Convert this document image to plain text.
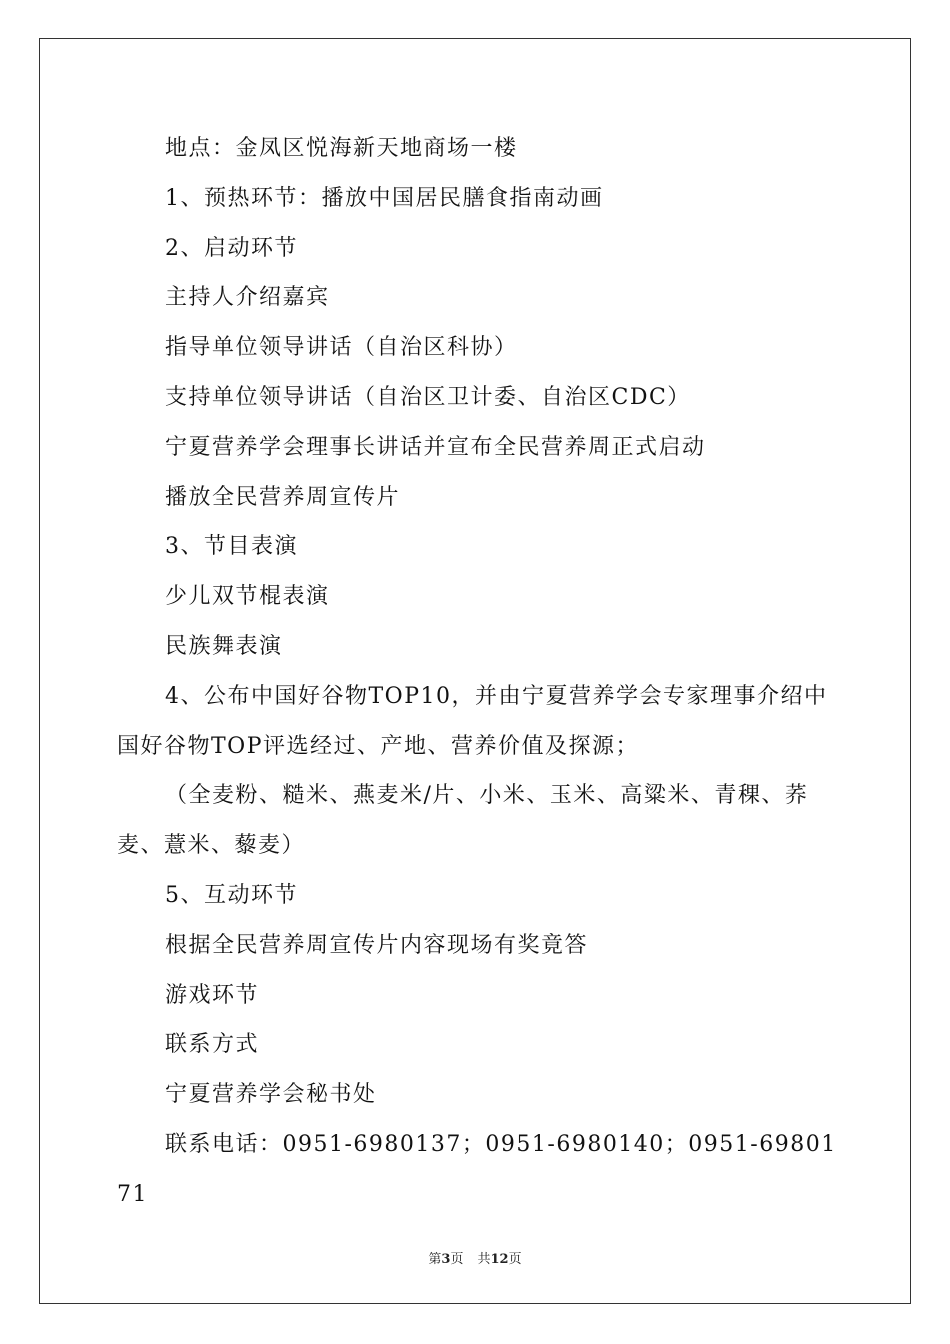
地点：金凤区悦海新天地商场一楼

1、预热环节：播放中国居民膳食指南动画

2、启动环节

主持人介绍嘉宾

指导单位领导讲话（自治区科协）

支持单位领导讲话（自治区卫计委、自治区CDC）

宁夏营养学会理事长讲话并宣布全民营养周正式启动

播放全民营养周宣传片

3、节目表演

少儿双节棍表演

民族舞表演

4、公布中国好谷物TOP10，并由宁夏营养学会专家理事介绍中国好谷物TOP评选经过、产地、营养价值及探源；

（全麦粉、糙米、燕麦米/片、小米、玉米、高粱米、青稞、荞麦、薏米、藜麦）

5、互动环节

根据全民营养周宣传片内容现场有奖竟答

游戏环节

联系方式

宁夏营养学会秘书处

联系电话：0951-6980137；0951-6980140；0951-6980171

第3页 共12页
